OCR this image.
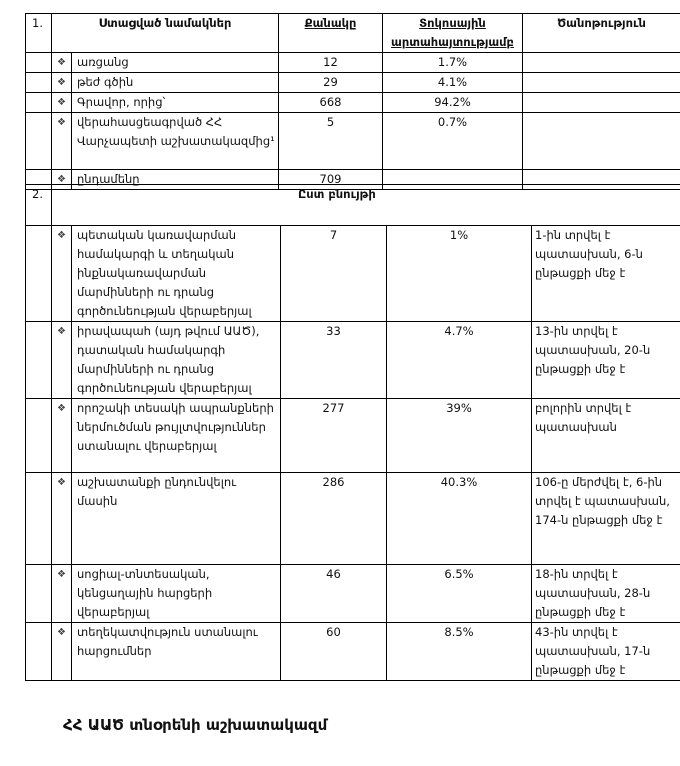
1.	Ստացված նամակներ		Քանակը	Տոկոսային արտահայտությամբ	Ծանոթություն
	❖	առցանց	12	1.7%	
	❖	թեժ գծին	29	4.1%	
	❖	Գրավոր, որից՝	668	94.2%	
	❖	վերահասցեագրված ՀՀ Վարչապետի աշխատակազմից¹	5	0.7%	
	❖	ընդամենը	709		
2.	Ըստ բնույթի				
	❖	պետական կառավարման համակարգի և տեղական ինքնակառավարման մարմինների ու դրանց գործունեության վերաբերյալ	7	1%	1-ին տրվել է պատասխան, 6-ն ընթացքի մեջ է
	❖	իրավապահ (այդ թվում ԱԱԾ), դատական համակարգի մարմինների ու դրանց գործունեության վերաբերյալ	33	4.7%	13-ին տրվել է պատասխան, 20-ն ընթացքի մեջ է
	❖	որոշակի տեսակի ապրանքների ներմուծման թույլտվություններ ստանալու վերաբերյալ	277	39%	բոլորին տրվել է պատասխան
	❖	աշխատանքի ընդունվելու մասին	286	40.3%	106-ը մերժվել է, 6-ին տրվել է պատասխան, 174-ն ընթացքի մեջ է
	❖	սոցիալ-տնտեսական, կենցաղային հարցերի վերաբերյալ	46	6.5%	18-ին տրվել է պատասխան, 28-ն ընթացքի մեջ է
	❖	տեղեկատվություն ստանալու հարցումներ	60	8.5%	43-ին տրվել է պատասխան, 17-ն ընթացքի մեջ է
ՀՀ ԱԱԾ տնօրենի աշխատակազմ
